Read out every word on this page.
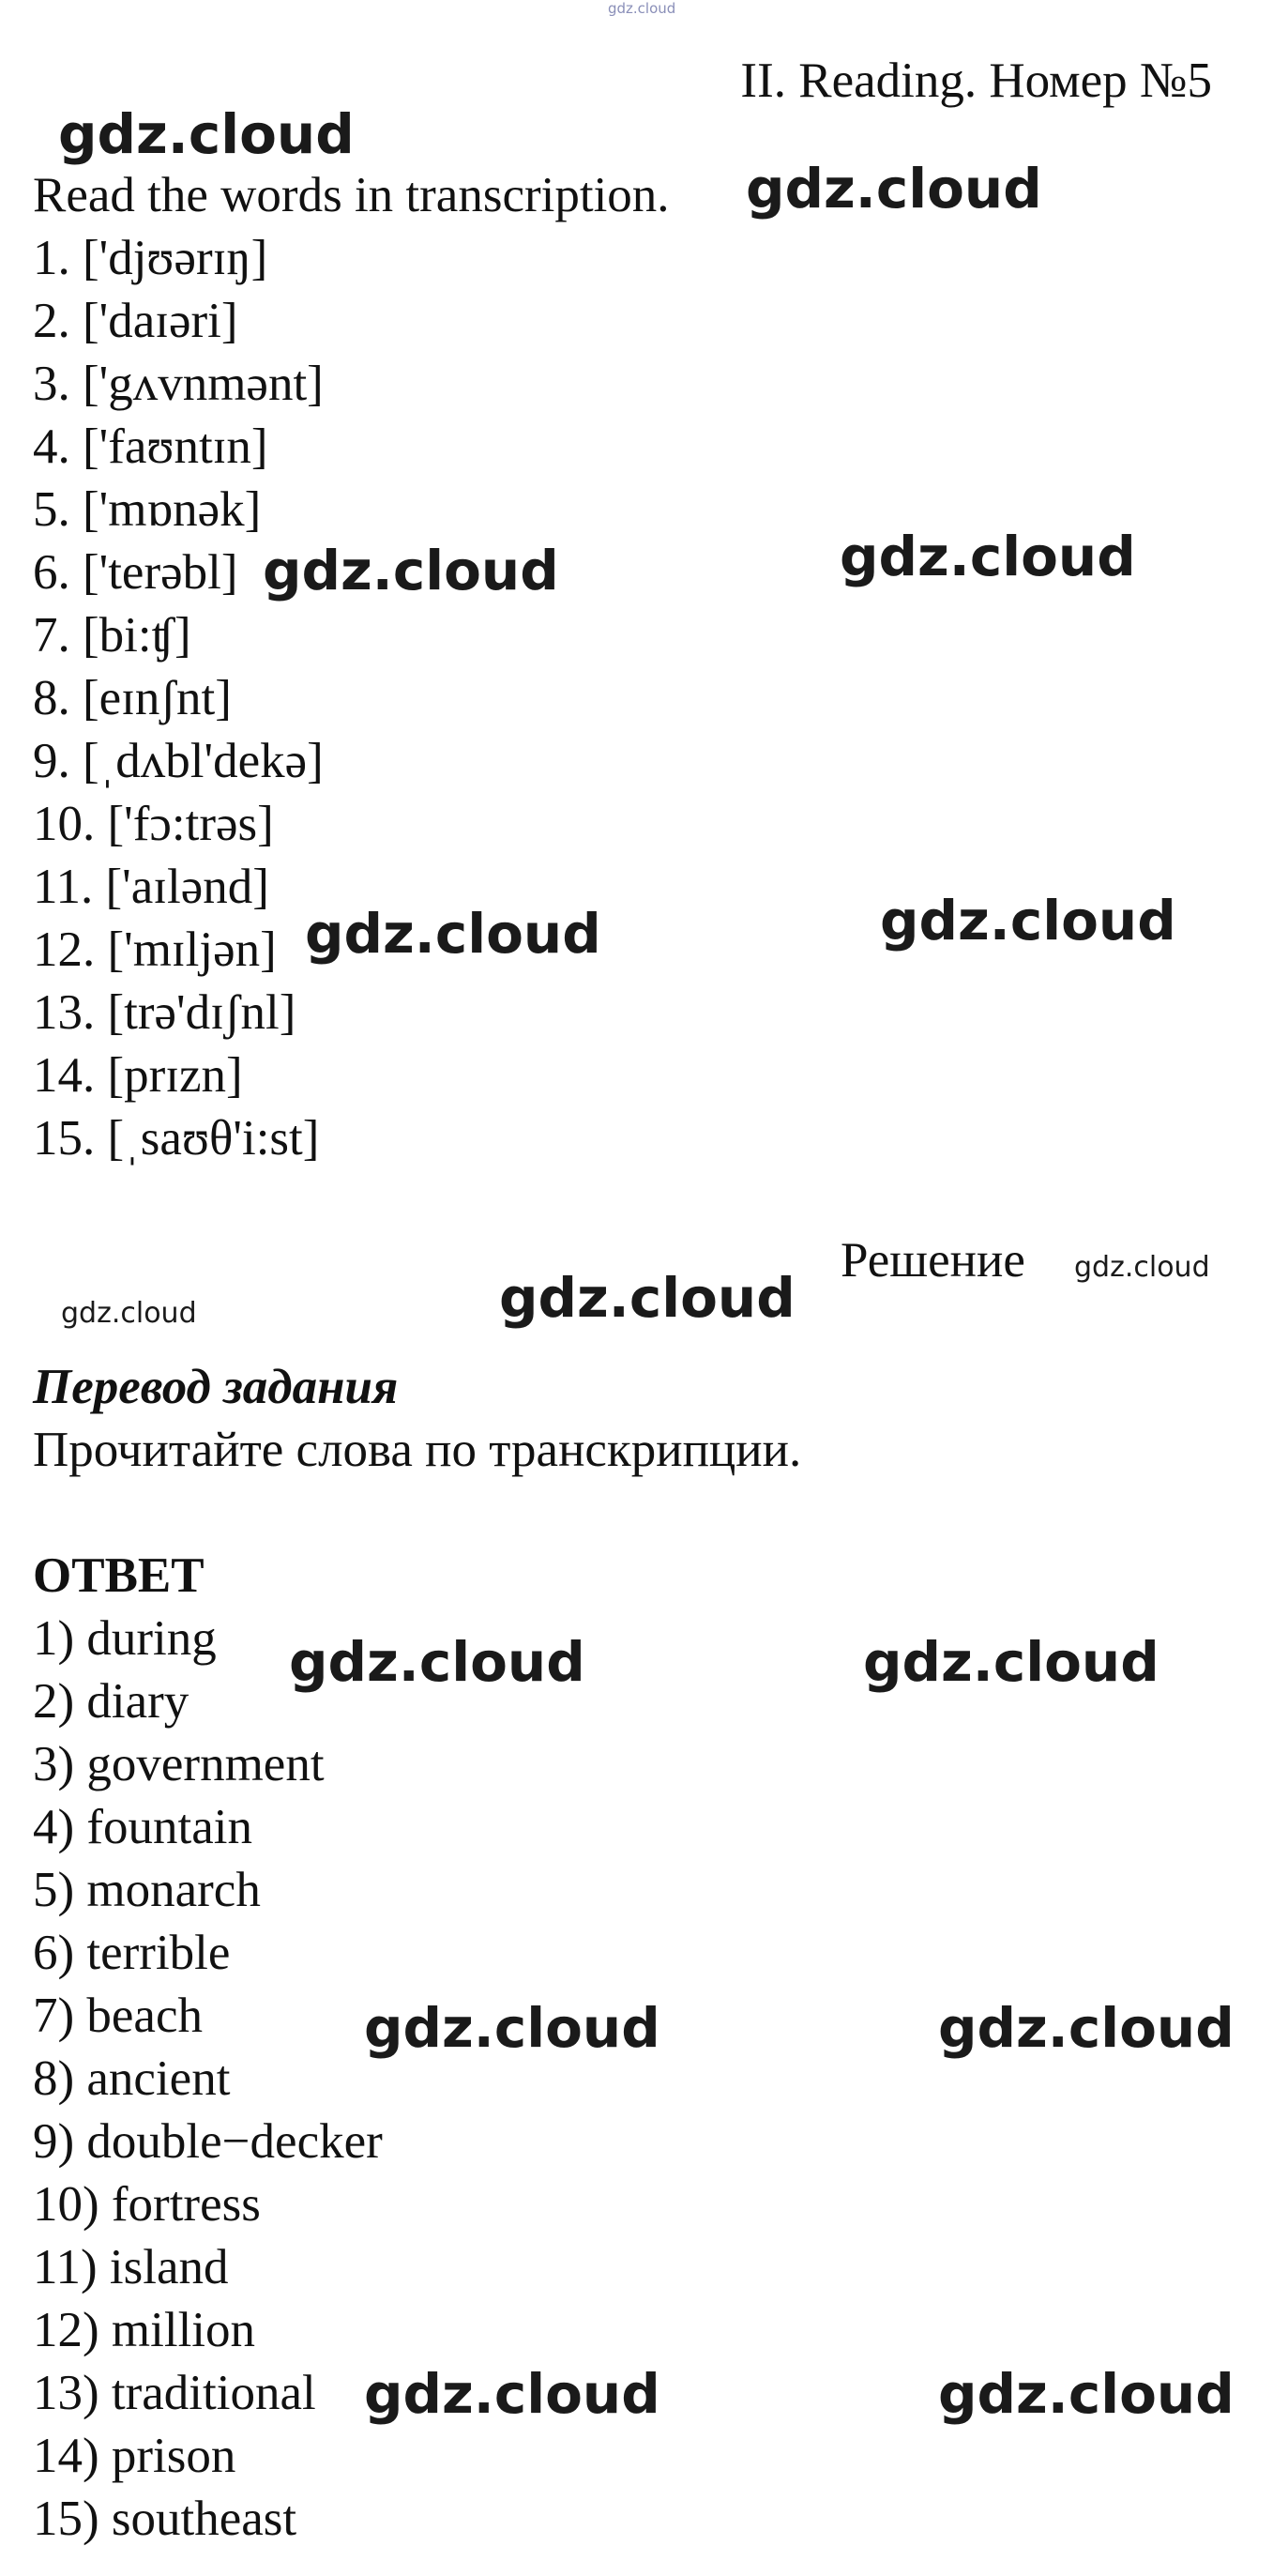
gdz.cloud
II. Reading. Номер №5
Read the words in transcription.
1. ['djʊərɪŋ]
2. ['daɪəri]
3. ['gʌvnmənt]
4. ['faʊntɪn]
5. ['mɒnək]
6. ['terəbl]
7. [bi:ʧ]
8. [eɪnʃnt]
9. [ˌdʌbl'dekə]
10. ['fɔ:trəs]
11. ['aɪlənd]
12. ['mɪljən]
13. [trə'dɪʃnl]
14. [prɪzn]
15. [ˌsaʊθ'i:st]
Решение
Перевод задания
Прочитайте слова по транскрипции.
ОТВЕТ
1) during
2) diary
3) government
4) fountain
5) monarch
6) terrible
7) beach
8) ancient
9) double−decker
10) fortress
11) island
12) million
13) traditional
14) prison
15) southeast
gdz.cloud
gdz.cloud
gdz.cloud	gdz.cloud
gdz.cloud	gdz.cloud
gdz.cloud	gdz.cloud
gdz.cloud
gdz.cloud	gdz.cloud
gdz.cloud	gdz.cloud
gdz.cloud	gdz.cloud
